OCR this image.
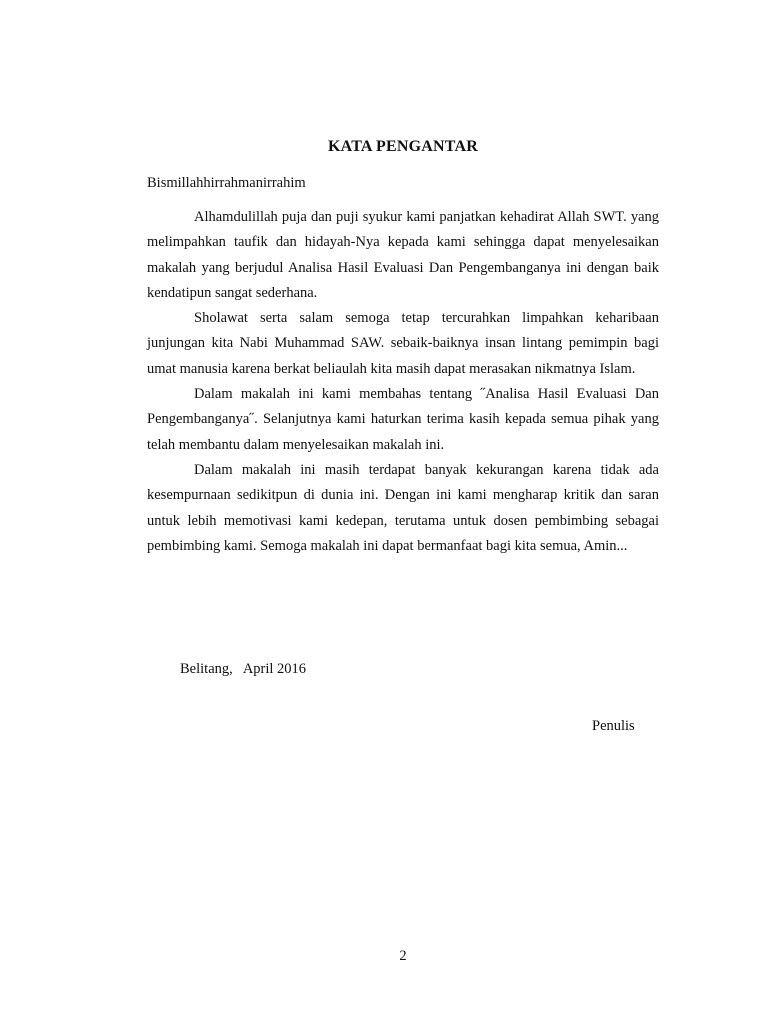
KATA PENGANTAR
Bismillahhirrahmanirrahim

Alhamdulillah puja dan puji syukur kami panjatkan kehadirat Allah SWT. yang melimpahkan taufik dan hidayah-Nya kepada kami sehingga dapat menyelesaikan makalah yang berjudul Analisa Hasil Evaluasi Dan Pengembanganya ini dengan baik kendatipun sangat sederhana.

Sholawat serta salam semoga tetap tercurahkan limpahkan keharibaan junjungan kita Nabi Muhammad SAW. sebaik-baiknya insan lintang pemimpin bagi umat manusia karena berkat beliaulah kita masih dapat merasakan nikmatnya Islam.

Dalam makalah ini kami membahas tentang ˝Analisa Hasil Evaluasi Dan Pengembanganya˝. Selanjutnya kami haturkan terima kasih kepada semua pihak yang telah membantu dalam menyelesaikan makalah ini.

Dalam makalah ini masih terdapat banyak kekurangan karena tidak ada kesempurnaan sedikitpun di dunia ini. Dengan ini kami mengharap kritik dan saran untuk lebih memotivasi kami kedepan, terutama untuk dosen pembimbing sebagai pembimbing kami. Semoga makalah ini dapat bermanfaat bagi kita semua, Amin...

Belitang,   April 2016
Penulis
2
